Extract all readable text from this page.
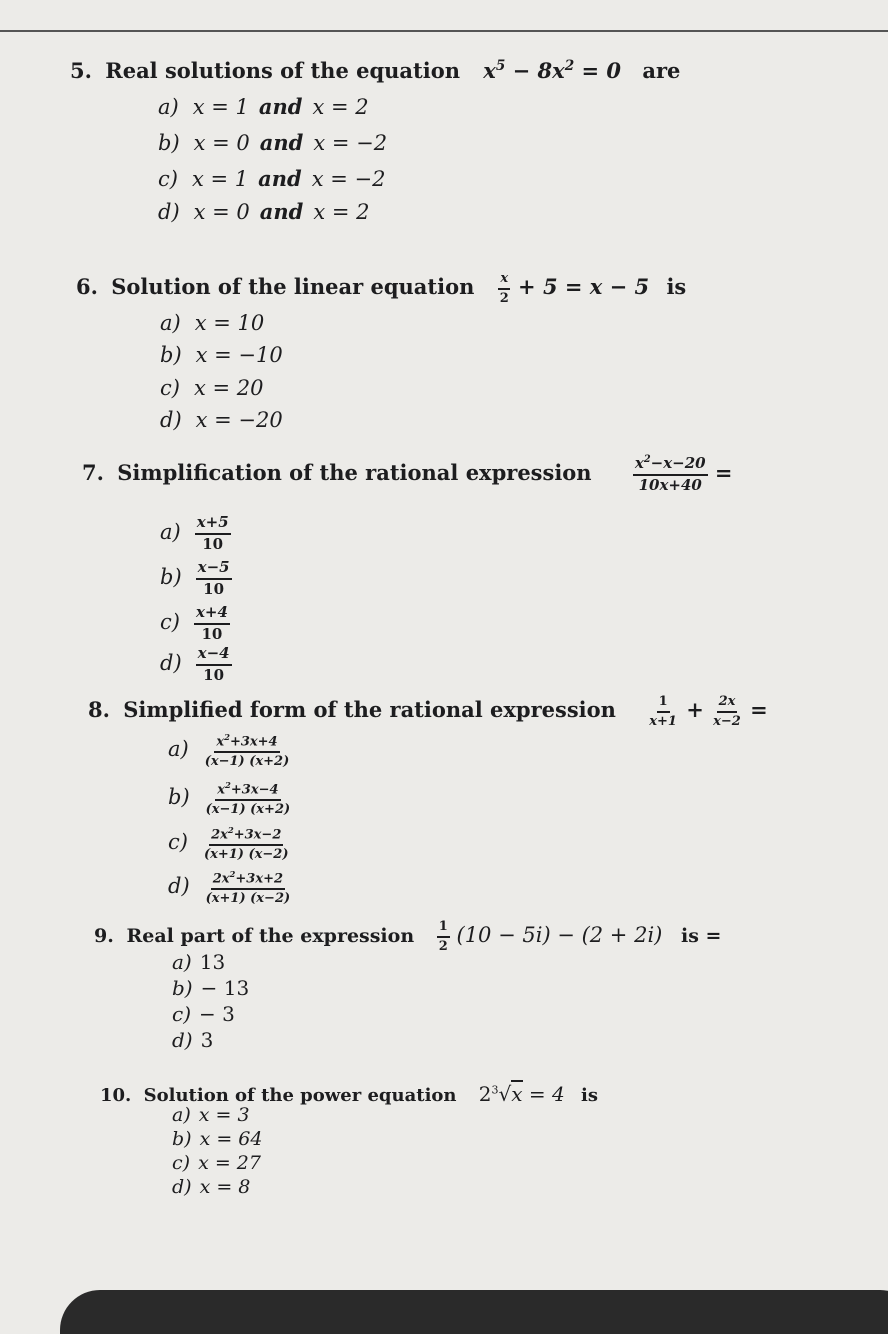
5. Real solutions of the equation $x^5 - 8x^2 = 0$ are
a) x = 1 and x = 2
b) x = 0 and x = −2
c) x = 1 and x = −2
d) x = 0 and x = 2
6. Solution of the linear equation $\frac{x}{2} + 5 = x - 5$ is
a) x = 10
b) x = −10
c) x = 20
d) x = −20
7. Simplification of the rational expression	$\frac{x^2-x-20}{10x+40}$ =
$a) \frac{x+5}{10}$
$b) \frac{x-5}{10}$
$c) \frac{x+4}{10}$
$d) \frac{x-4}{10}$
8. Simplified form of the rational expression $\frac{1}{x+1} + \frac{2x}{x-2}$ =
$a) \frac{x^2+3x+4}{(x-1) (x+2)}$
$b) \frac{x^2+3x-4}{(x-1) (x+2)}$
$c) \frac{2x^2+3x-2}{(x+1) (x-2)}$
$d) \frac{2x^2+3x+2}{(x+1) (x-2)}$
9. Real part of the expression $\frac{1}{2} (10 - 5i) - (2 + 2i)$ is =
a) 13
b) − 13
c) − 3
d) 3
10. Solution of the power equation $2^3√x = 4$ is
a) x = 3
b) x = 64
c) x = 27
d) x = 8
